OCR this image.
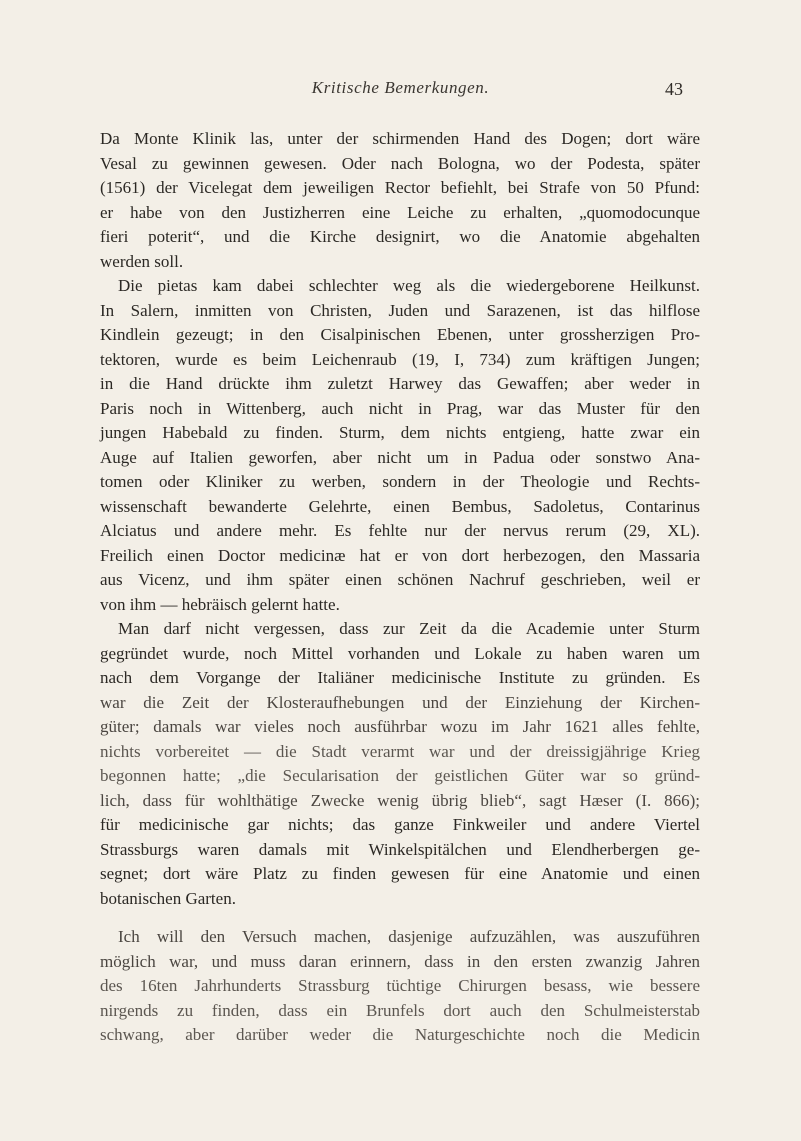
Kritische Bemerkungen.	43
Da Monte Klinik las, unter der schirmenden Hand des Dogen; dort wäre
Vesal zu gewinnen gewesen. Oder nach Bologna, wo der Podesta, später
(1561) der Vicelegat dem jeweiligen Rector befiehlt, bei Strafe von 50 Pfund:
er habe von den Justizherren eine Leiche zu erhalten, „quomodocunque
fieri poterit“, und die Kirche designirt, wo die Anatomie abgehalten
werden soll.
Die pietas kam dabei schlechter weg als die wiedergeborene Heilkunst.
In Salern, inmitten von Christen, Juden und Sarazenen, ist das hilflose
Kindlein gezeugt; in den Cisalpinischen Ebenen, unter grossherzigen Pro-
tektoren, wurde es beim Leichenraub (19, I, 734) zum kräftigen Jungen;
in die Hand drückte ihm zuletzt Harwey das Gewaffen; aber weder in
Paris noch in Wittenberg, auch nicht in Prag, war das Muster für den
jungen Habebald zu finden. Sturm, dem nichts entgieng, hatte zwar ein
Auge auf Italien geworfen, aber nicht um in Padua oder sonstwo Ana-
tomen oder Kliniker zu werben, sondern in der Theologie und Rechts-
wissenschaft bewanderte Gelehrte, einen Bembus, Sadoletus, Contarinus
Alciatus und andere mehr. Es fehlte nur der nervus rerum (29, XL).
Freilich einen Doctor medicinæ hat er von dort herbezogen, den Massaria
aus Vicenz, und ihm später einen schönen Nachruf geschrieben, weil er
von ihm — hebräisch gelernt hatte.
Man darf nicht vergessen, dass zur Zeit da die Academie unter Sturm
gegründet wurde, noch Mittel vorhanden und Lokale zu haben waren um
nach dem Vorgange der Italiäner medicinische Institute zu gründen. Es
war die Zeit der Klosteraufhebungen und der Einziehung der Kirchen-
güter; damals war vieles noch ausführbar wozu im Jahr 1621 alles fehlte,
nichts vorbereitet — die Stadt verarmt war und der dreissigjährige Krieg
begonnen hatte; „die Secularisation der geistlichen Güter war so gründ-
lich, dass für wohlthätige Zwecke wenig übrig blieb“, sagt Hæser (I. 866);
für medicinische gar nichts; das ganze Finkweiler und andere Viertel
Strassburgs waren damals mit Winkelspitälchen und Elendherbergen ge-
segnet; dort wäre Platz zu finden gewesen für eine Anatomie und einen
botanischen Garten.
Ich will den Versuch machen, dasjenige aufzuzählen, was auszuführen
möglich war, und muss daran erinnern, dass in den ersten zwanzig Jahren
des 16ten Jahrhunderts Strassburg tüchtige Chirurgen besass, wie bessere
nirgends zu finden, dass ein Brunfels dort auch den Schulmeisterstab
schwang, aber darüber weder die Naturgeschichte noch die Medicin
